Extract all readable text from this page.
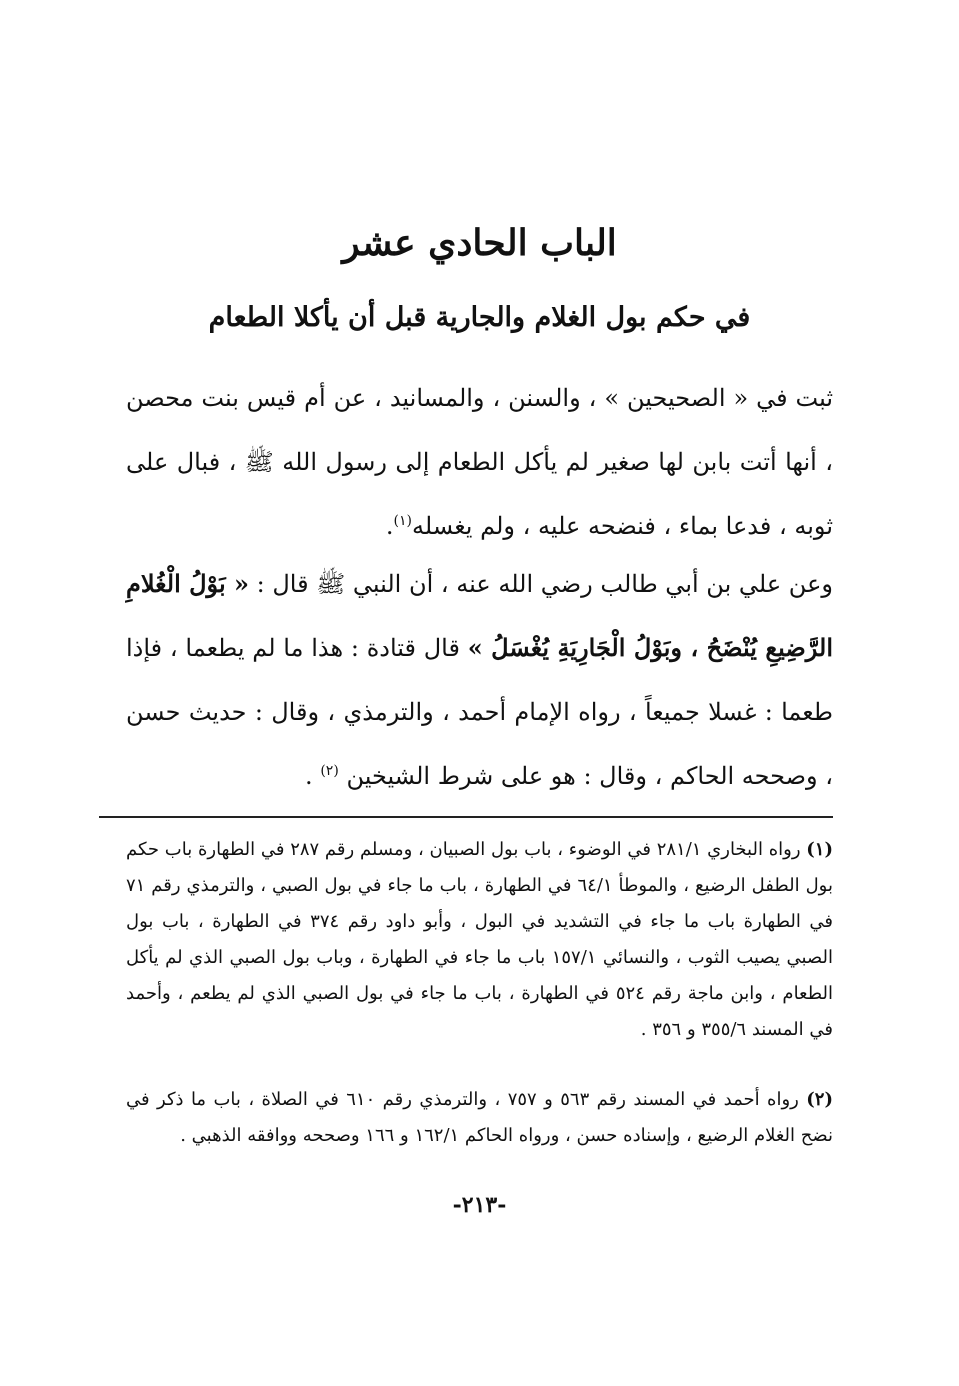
الباب الحادي عشر
في حكم بول الغلام والجارية قبل أن يأكلا الطعام

ثبت في « الصحيحين » ، والسنن ، والمسانيد ، عن أم قيس بنت محصن ، أنها أتت بابن لها صغير لم يأكل الطعام إلى رسول الله ﷺ ، فبال على ثوبه ، فدعا بماء ، فنضحه عليه ، ولم يغسله$^{(١)}$.

وعن علي بن أبي طالب رضي الله عنه ، أن النبي ﷺ قال : « بَوْلُ الْغُلامِ الرَّضِيعِ يُنْضَحُ ، وبَوْلُ الْجَارِيَةِ يُغْسَلُ » قال قتادة : هذا ما لم يطعما ، فإذا طعما : غسلا جميعاً ، رواه الإمام أحمد ، والترمذي ، وقال : حديث حسن ، وصححه الحاكم ، وقال : هو على شرط الشيخين $^{(٢)}$ .

(١) رواه البخاري ٢٨١/١ في الوضوء ، باب بول الصبيان ، ومسلم رقم ٢٨٧ في الطهارة باب حكم بول الطفل الرضيع ، والموطأ ٦٤/١ في الطهارة ، باب ما جاء في بول الصبي ، والترمذي رقم ٧١ في الطهارة باب ما جاء في التشديد في البول ، وأبو داود رقم ٣٧٤ في الطهارة ، باب بول الصبي يصيب الثوب ، والنسائي ١٥٧/١ باب ما جاء في الطهارة ، وباب بول الصبي الذي لم يأكل الطعام ، وابن ماجة رقم ٥٢٤ في الطهارة ، باب ما جاء في بول الصبي الذي لم يطعم ، وأحمد في المسند ٣٥٥/٦ و ٣٥٦ .

(٢) رواه أحمد في المسند رقم ٥٦٣ و ٧٥٧ ، والترمذي رقم ٦١٠ في الصلاة ، باب ما ذكر في نضح الغلام الرضيع ، وإسناده حسن ، ورواه الحاكم ١٦٢/١ و ١٦٦ وصححه ووافقه الذهبي .

-٢١٣-
